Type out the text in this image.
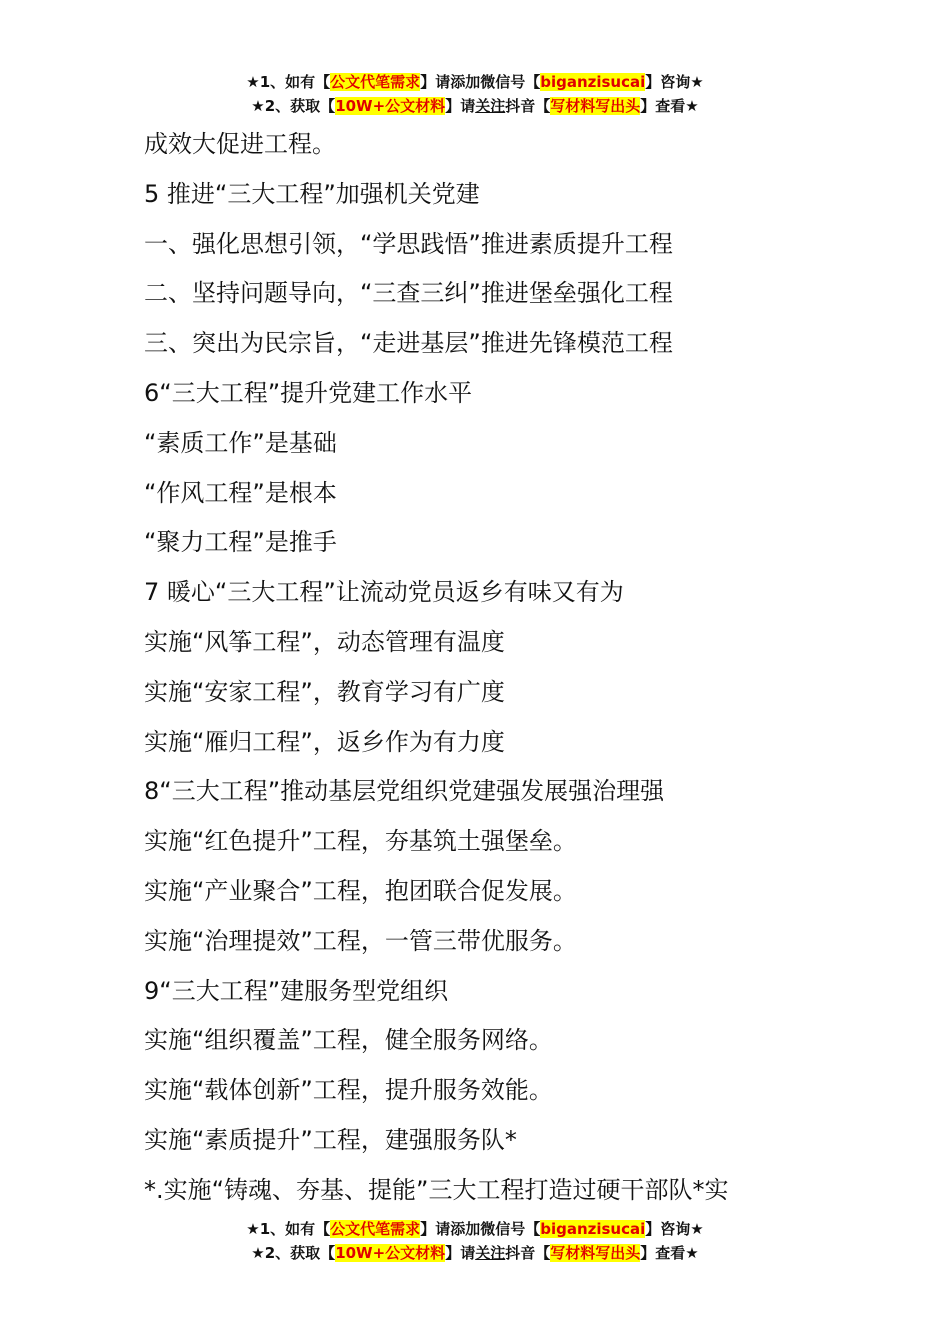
★1、如有【公文代笔需求】请添加微信号【biganzisucai】咨询★
★2、获取【10W+公文材料】请关注抖音【写材料写出头】查看★

成效大促进工程。

5 推进“三大工程”加强机关党建

一、强化思想引领，“学思践悟”推进素质提升工程

二、坚持问题导向，“三查三纠”推进堡垒强化工程

三、突出为民宗旨，“走进基层”推进先锋模范工程

6“三大工程”提升党建工作水平

“素质工作”是基础

“作风工程”是根本

“聚力工程”是推手

7 暖心“三大工程”让流动党员返乡有味又有为

实施“风筝工程”，动态管理有温度

实施“安家工程”，教育学习有广度

实施“雁归工程”，返乡作为有力度

8“三大工程”推动基层党组织党建强发展强治理强

实施“红色提升”工程，夯基筑土强堡垒。

实施“产业聚合”工程，抱团联合促发展。

实施“治理提效”工程，一管三带优服务。

9“三大工程”建服务型党组织

实施“组织覆盖”工程，健全服务网络。

实施“载体创新”工程，提升服务效能。

实施“素质提升”工程，建强服务队*

*.实施“铸魂、夯基、提能”三大工程打造过硬干部队*实

★1、如有【公文代笔需求】请添加微信号【biganzisucai】咨询★
★2、获取【10W+公文材料】请关注抖音【写材料写出头】查看★
